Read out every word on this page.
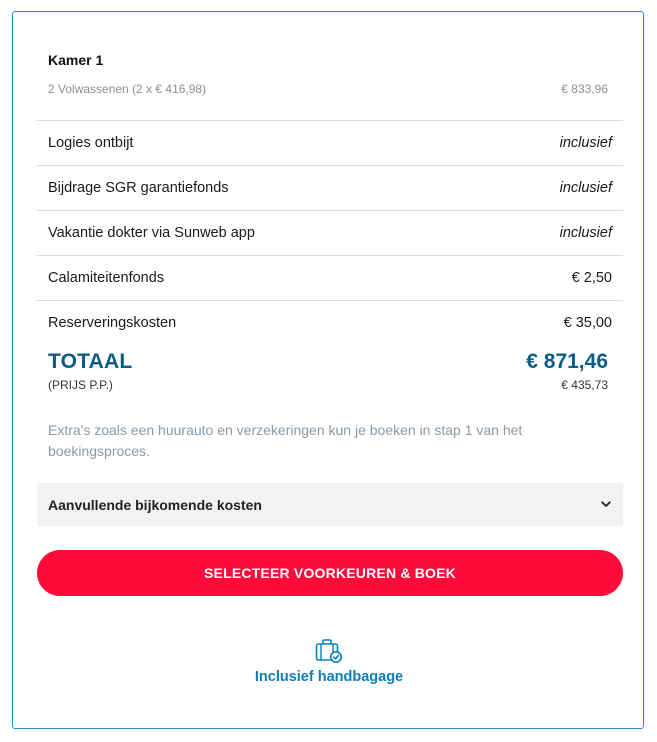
Kamer 1
2 Volwassenen (2 x € 416,98)	€ 833,96
Logies ontbijt	inclusief
Bijdrage SGR garantiefonds	inclusief
Vakantie dokter via Sunweb app	inclusief
Calamiteitenfonds	€ 2,50
Reserveringskosten	€ 35,00
TOTAAL	€ 871,46
(PRIJS P.P.)	€ 435,73
Extra's zoals een huurauto en verzekeringen kun je boeken in stap 1 van het boekingsproces.
Aanvullende bijkomende kosten
SELECTEER VOORKEUREN & BOEK
Inclusief handbagage
